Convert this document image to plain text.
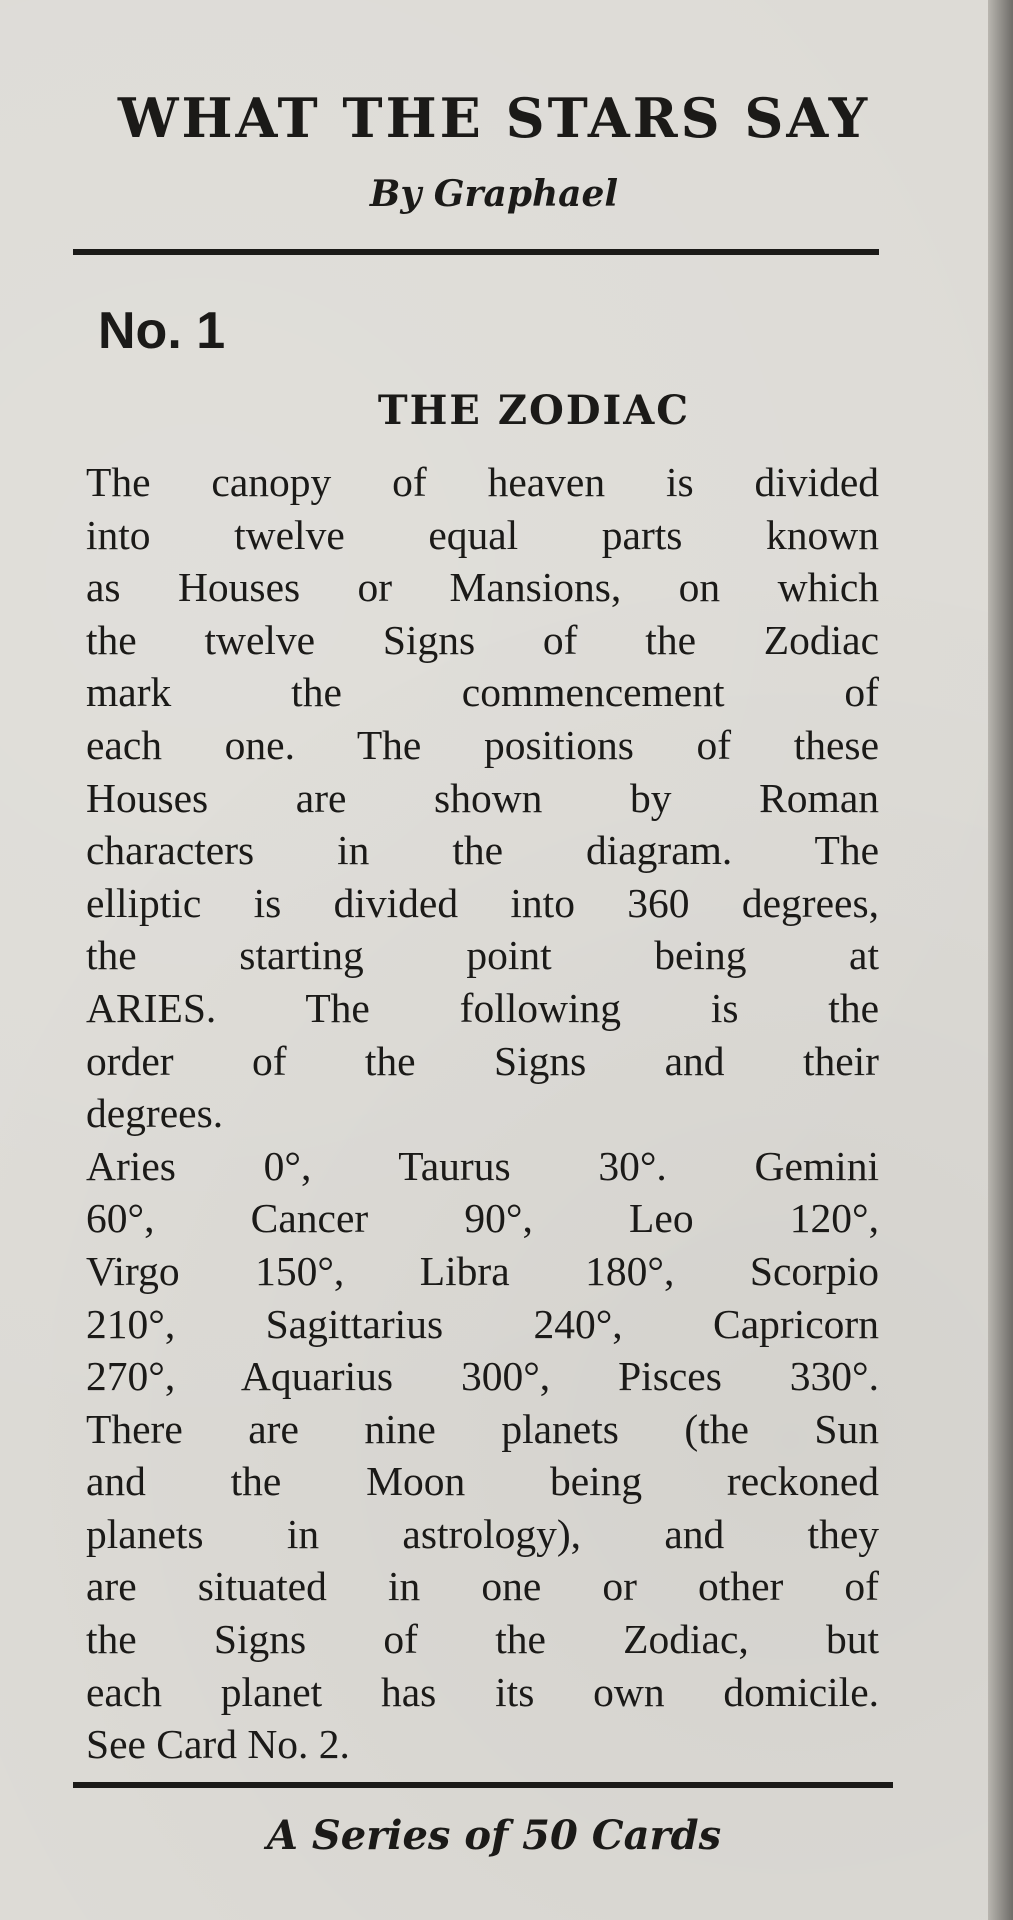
WHAT THE STARS SAY
By Graphael
No. 1
THE ZODIAC
The canopy of heaven is divided
into twelve equal parts known
as Houses or Mansions, on which
the twelve Signs of the Zodiac
mark the commencement of
each one. The positions of these
Houses are shown by Roman
characters in the diagram. The
elliptic is divided into 360 degrees,
the starting point being at
ARIES. The following is the
order of the Signs and their
degrees.
Aries 0°, Taurus 30°. Gemini
60°, Cancer 90°, Leo 120°,
Virgo 150°, Libra 180°, Scorpio
210°, Sagittarius 240°, Capricorn
270°, Aquarius 300°, Pisces 330°.
There are nine planets (the Sun
and the Moon being reckoned
planets in astrology), and they
are situated in one or other of
the Signs of the Zodiac, but
each planet has its own domicile.
See Card No. 2.
A Series of 50 Cards
